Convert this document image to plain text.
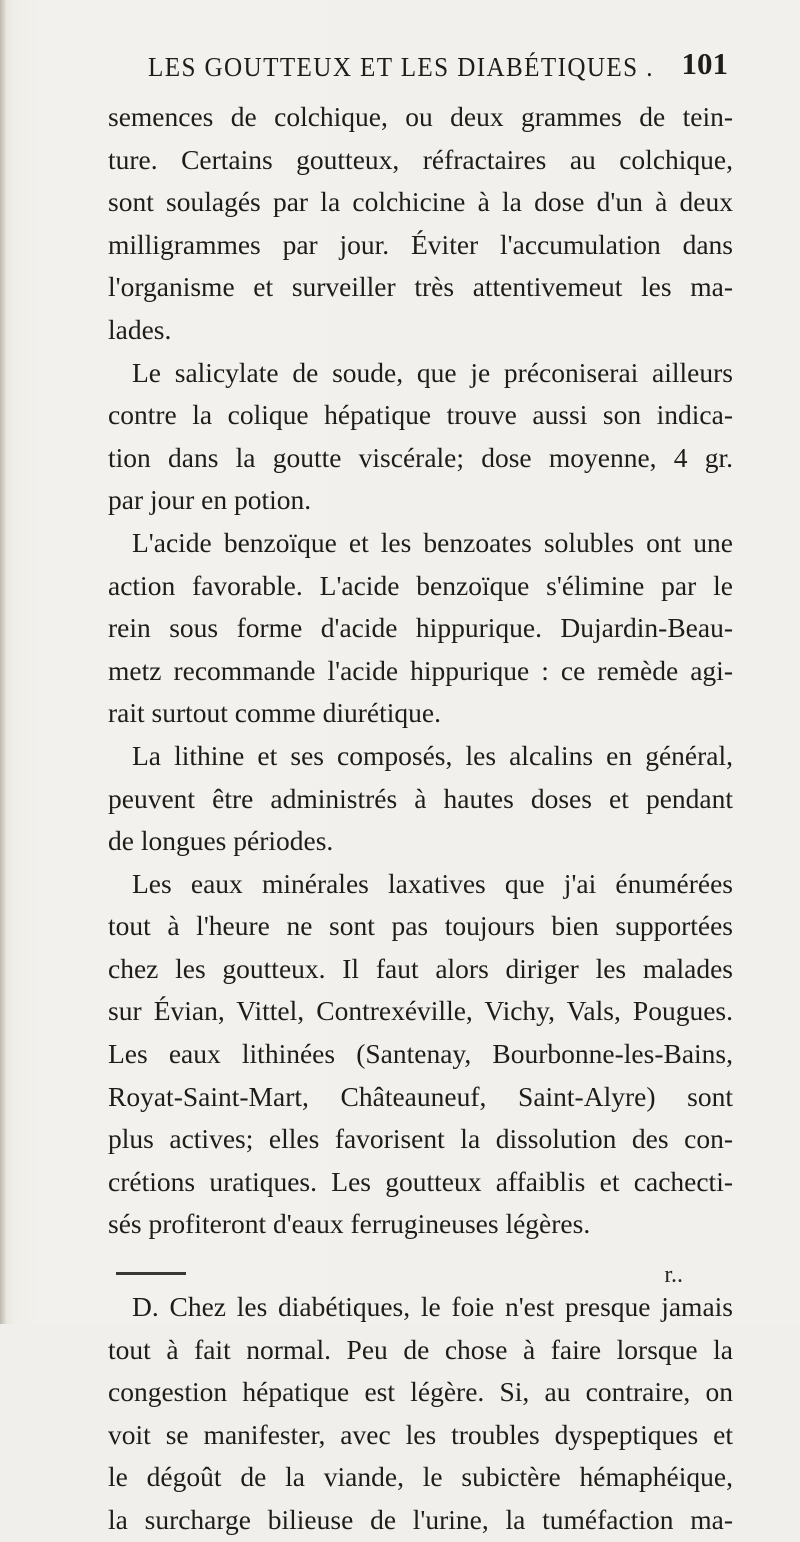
LES GOUTTEUX ET LES DIABÉTIQUES . 101
semences de colchique, ou deux grammes de tein-
ture. Certains goutteux, réfractaires au colchique,
sont soulagés par la colchicine à la dose d'un à deux
milligrammes par jour. Éviter l'accumulation dans
l'organisme et surveiller très attentivemeut les ma-
lades.
Le salicylate de soude, que je préconiserai ailleurs
contre la colique hépatique trouve aussi son indica-
tion dans la goutte viscérale; dose moyenne, 4 gr.
par jour en potion.
L'acide benzoïque et les benzoates solubles ont une
action favorable. L'acide benzoïque s'élimine par le
rein sous forme d'acide hippurique. Dujardin-Beau-
metz recommande l'acide hippurique : ce remède agi-
rait surtout comme diurétique.
La lithine et ses composés, les alcalins en général,
peuvent être administrés à hautes doses et pendant
de longues périodes.
Les eaux minérales laxatives que j'ai énumérées
tout à l'heure ne sont pas toujours bien supportées
chez les goutteux. Il faut alors diriger les malades
sur Évian, Vittel, Contrexéville, Vichy, Vals, Pougues.
Les eaux lithinées (Santenay, Bourbonne-les-Bains,
Royat-Saint-Mart, Châteauneuf, Saint-Alyre) sont
plus actives; elles favorisent la dissolution des con-
crétions uratiques. Les goutteux affaiblis et cachecti-
sés profiteront d'eaux ferrugineuses légères.
D. Chez les diabétiques, le foie n'est presque jamais
tout à fait normal. Peu de chose à faire lorsque la
congestion hépatique est légère. Si, au contraire, on
voit se manifester, avec les troubles dyspeptiques et
le dégoût de la viande, le subictère hémaphéique,
la surcharge bilieuse de l'urine, la tuméfaction ma-
r..
